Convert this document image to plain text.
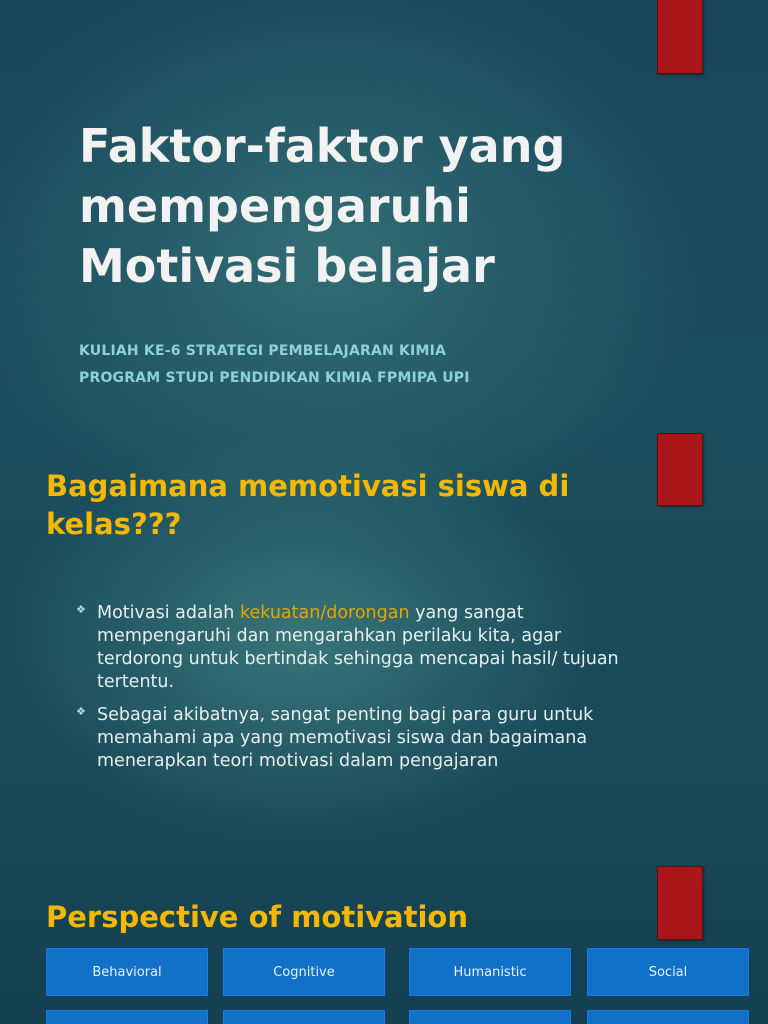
Faktor-faktor yang
mempengaruhi
Motivasi belajar

KULIAH KE-6 STRATEGI PEMBELAJARAN KIMIA

PROGRAM STUDI PENDIDIKAN KIMIA FPMIPA UPI

Bagaimana memotivasi siswa di
kelas???
❖ Motivasi adalah kekuatan/dorongan yang sangat mempengaruhi dan mengarahkan perilaku kita, agar terdorong untuk bertindak sehingga mencapai hasil/ tujuan tertentu.
❖ Sebagai akibatnya, sangat penting bagi para guru untuk memahami apa yang memotivasi siswa dan bagaimana menerapkan teori motivasi dalam pengajaran
Perspective of motivation
Behavioral	Cognitive	Humanistic	Social
